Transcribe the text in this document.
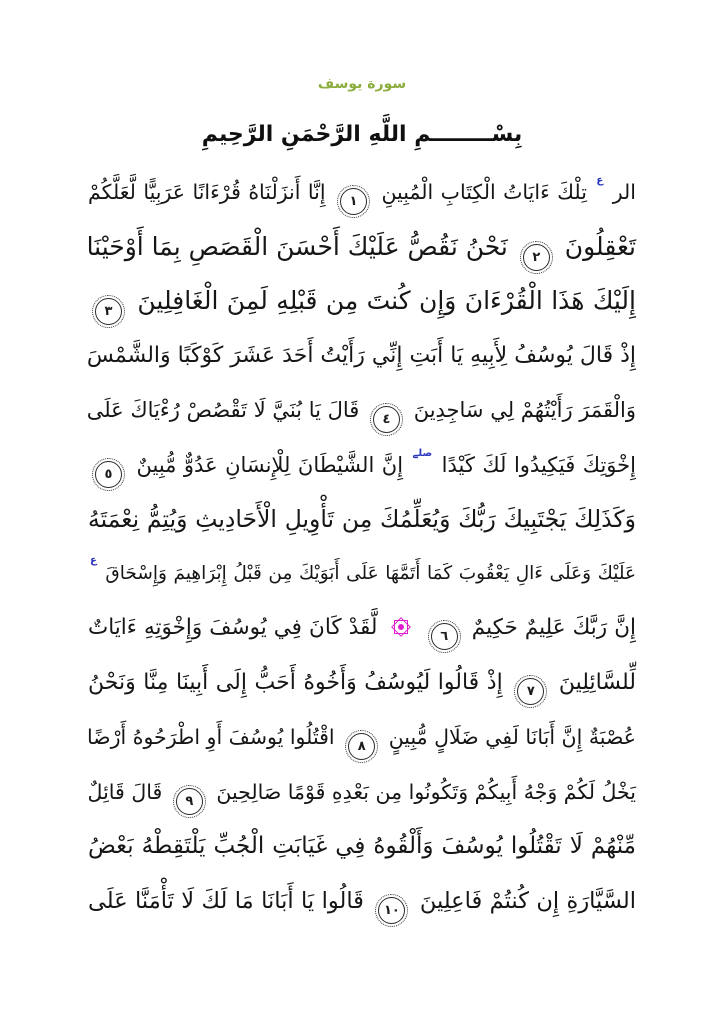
سورة يوسف
بِسْــــــــمِ اللَّهِ الرَّحْمَنِ الرَّحِيمِ
الر $^ع$ تِلْكَ ءَايَاتُ الْكِتَابِ الْمُبِينِ
١
إِنَّا أَنزَلْنَاهُ قُرْءَانًا عَرَبِيًّا لَّعَلَّكُمْ
تَعْقِلُونَ
٢
نَحْنُ نَقُصُّ عَلَيْكَ أَحْسَنَ الْقَصَصِ بِمَا أَوْحَيْنَا
إِلَيْكَ هَذَا الْقُرْءَانَ وَإِن كُنتَ مِن قَبْلِهِ لَمِنَ الْغَافِلِينَ
٣
إِذْ قَالَ يُوسُفُ لِأَبِيهِ يَا أَبَتِ إِنِّي رَأَيْتُ أَحَدَ عَشَرَ كَوْكَبًا وَالشَّمْسَ
وَالْقَمَرَ رَأَيْتُهُمْ لِي سَاجِدِينَ
٤
قَالَ يَا بُنَيَّ لَا تَقْصُصْ رُءْيَاكَ عَلَى
إِخْوَتِكَ فَيَكِيدُوا لَكَ كَيْدًا $^{صلے}$ إِنَّ الشَّيْطَانَ لِلْإِنسَانِ عَدُوٌّ مُّبِينٌ
٥
وَكَذَلِكَ يَجْتَبِيكَ رَبُّكَ وَيُعَلِّمُكَ مِن تَأْوِيلِ الْأَحَادِيثِ وَيُتِمُّ نِعْمَتَهُ
عَلَيْكَ وَعَلَى ءَالِ يَعْقُوبَ كَمَا أَتَمَّهَا عَلَى أَبَوَيْكَ مِن قَبْلُ إِبْرَاهِيمَ وَإِسْحَاقَ $^ع$
إِنَّ رَبَّكَ عَلِيمٌ حَكِيمٌ
٦

لَّقَدْ كَانَ فِي يُوسُفَ وَإِخْوَتِهِ ءَايَاتٌ
لِّلسَّائِلِينَ
٧
إِذْ قَالُوا لَيُوسُفُ وَأَخُوهُ أَحَبُّ إِلَى أَبِينَا مِنَّا وَنَحْنُ
عُصْبَةٌ إِنَّ أَبَانَا لَفِي ضَلَالٍ مُّبِينٍ
٨
اقْتُلُوا يُوسُفَ أَوِ اطْرَحُوهُ أَرْضًا
يَخْلُ لَكُمْ وَجْهُ أَبِيكُمْ وَتَكُونُوا مِن بَعْدِهِ قَوْمًا صَالِحِينَ
٩
قَالَ قَائِلٌ
مِّنْهُمْ لَا تَقْتُلُوا يُوسُفَ وَأَلْقُوهُ فِي غَيَابَتِ الْجُبِّ يَلْتَقِطْهُ بَعْضُ
السَّيَّارَةِ إِن كُنتُمْ فَاعِلِينَ
١٠
قَالُوا يَا أَبَانَا مَا لَكَ لَا تَأْمَنَّا عَلَى
